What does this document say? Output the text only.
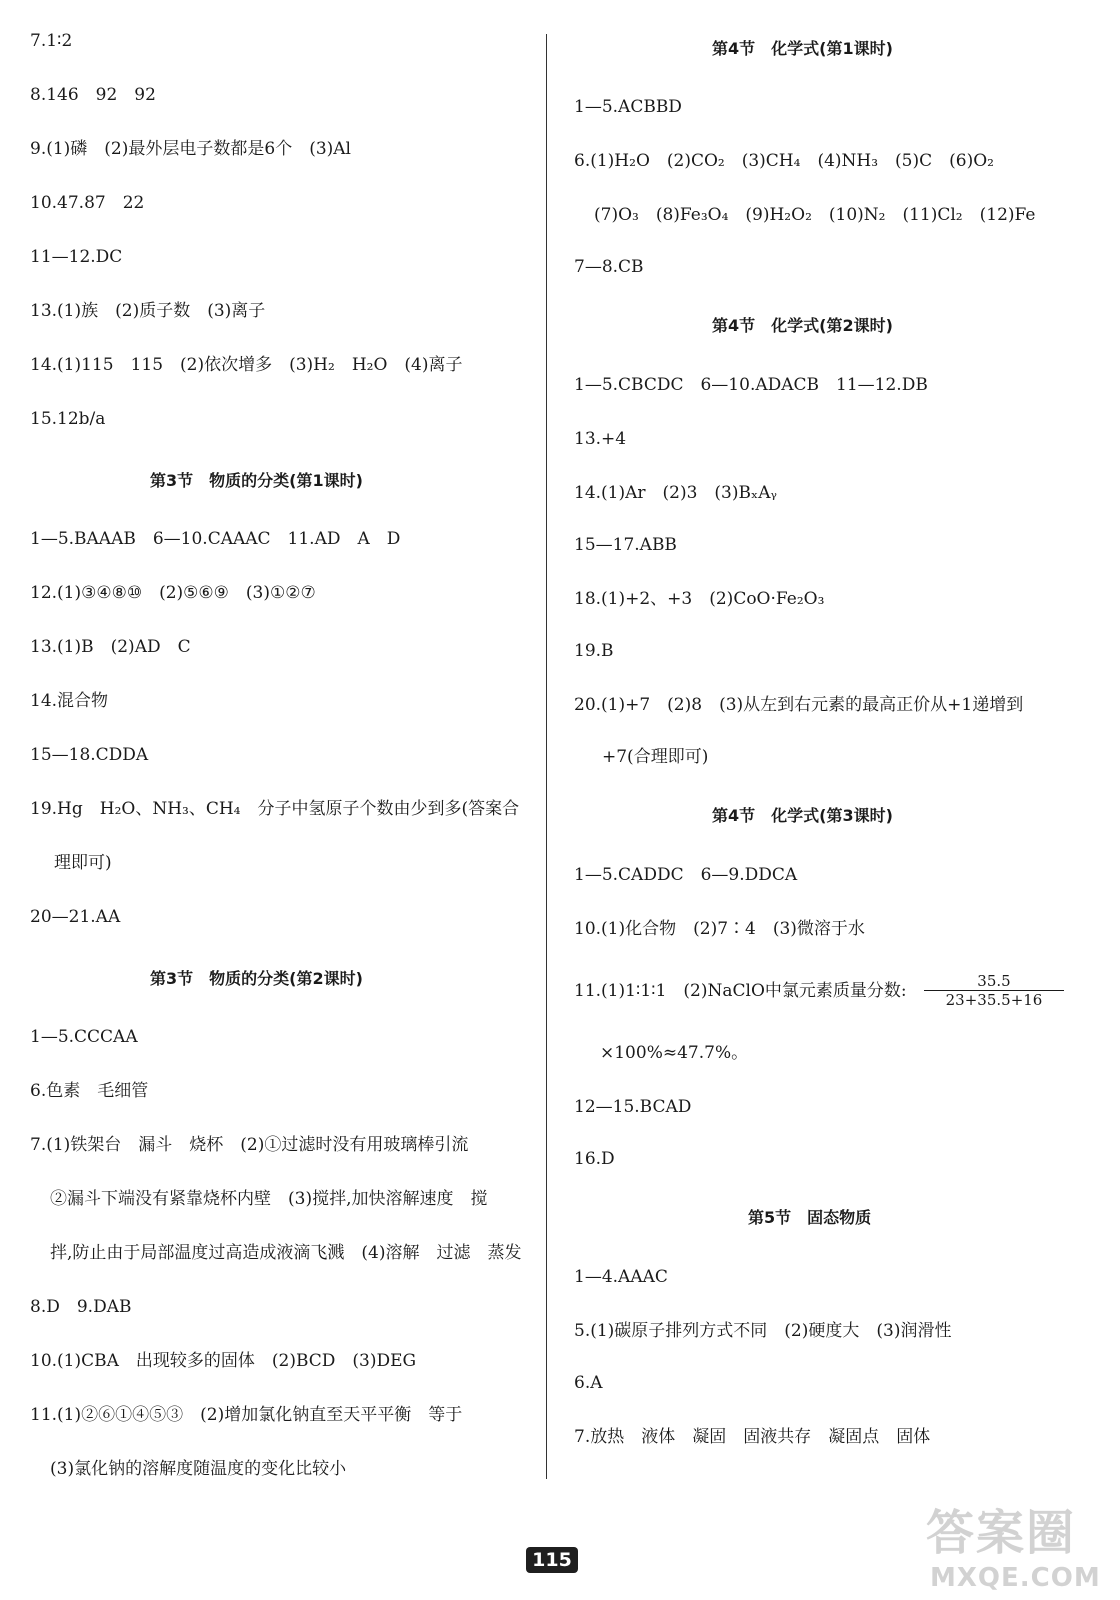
7.1∶2
8.146　92　92
9.(1)磷　(2)最外层电子数都是6个　(3)Al
10.47.87　22
11—12.DC
13.(1)族　(2)质子数　(3)离子
14.(1)115　115　(2)依次增多　(3)H₂　H₂O　(4)离子
15.12b/a
第3节　物质的分类(第1课时)
1—5.BAAAB　6—10.CAAAC　11.AD　A　D
12.(1)③④⑧⑩　(2)⑤⑥⑨　(3)①②⑦
13.(1)B　(2)AD　C
14.混合物
15—18.CDDA
19.Hg　H₂O、NH₃、CH₄　分子中氢原子个数由少到多(答案合
理即可)
20—21.AA
第3节　物质的分类(第2课时)
1—5.CCCAA
6.色素　毛细管
7.(1)铁架台　漏斗　烧杯　(2)①过滤时没有用玻璃棒引流
②漏斗下端没有紧靠烧杯内壁　(3)搅拌,加快溶解速度　搅
拌,防止由于局部温度过高造成液滴飞溅　(4)溶解　过滤　蒸发
8.D　9.DAB
10.(1)CBA　出现较多的固体　(2)BCD　(3)DEG
11.(1)②⑥①④⑤③　(2)增加氯化钠直至天平平衡　等于
(3)氯化钠的溶解度随温度的变化比较小
第4节　化学式(第1课时)
1—5.ACBBD
6.(1)H₂O　(2)CO₂　(3)CH₄　(4)NH₃　(5)C　(6)O₂
(7)O₃　(8)Fe₃O₄　(9)H₂O₂　(10)N₂　(11)Cl₂　(12)Fe
7—8.CB
第4节　化学式(第2课时)
1—5.CBCDC　6—10.ADACB　11—12.DB
13.+4
14.(1)Ar　(2)3　(3)BₓAᵧ
15—17.ABB
18.(1)+2、+3　(2)CoO·Fe₂O₃
19.B
20.(1)+7　(2)8　(3)从左到右元素的最高正价从+1递增到
+7(合理即可)
第4节　化学式(第3课时)
1—5.CADDC　6—9.DDCA
10.(1)化合物　(2)7∶4　(3)微溶于水
11.(1)1∶1∶1　(2)NaClO中氯元素质量分数:	35.5
23+35.5+16
×100%≈47.7%。
12—15.BCAD
16.D
第5节　固态物质
1—4.AAAC
5.(1)碳原子排列方式不同　(2)硬度大　(3)润滑性
6.A
7.放热　液体　凝固　固液共存　凝固点　固体
115	答案圈
MXQE.COM
